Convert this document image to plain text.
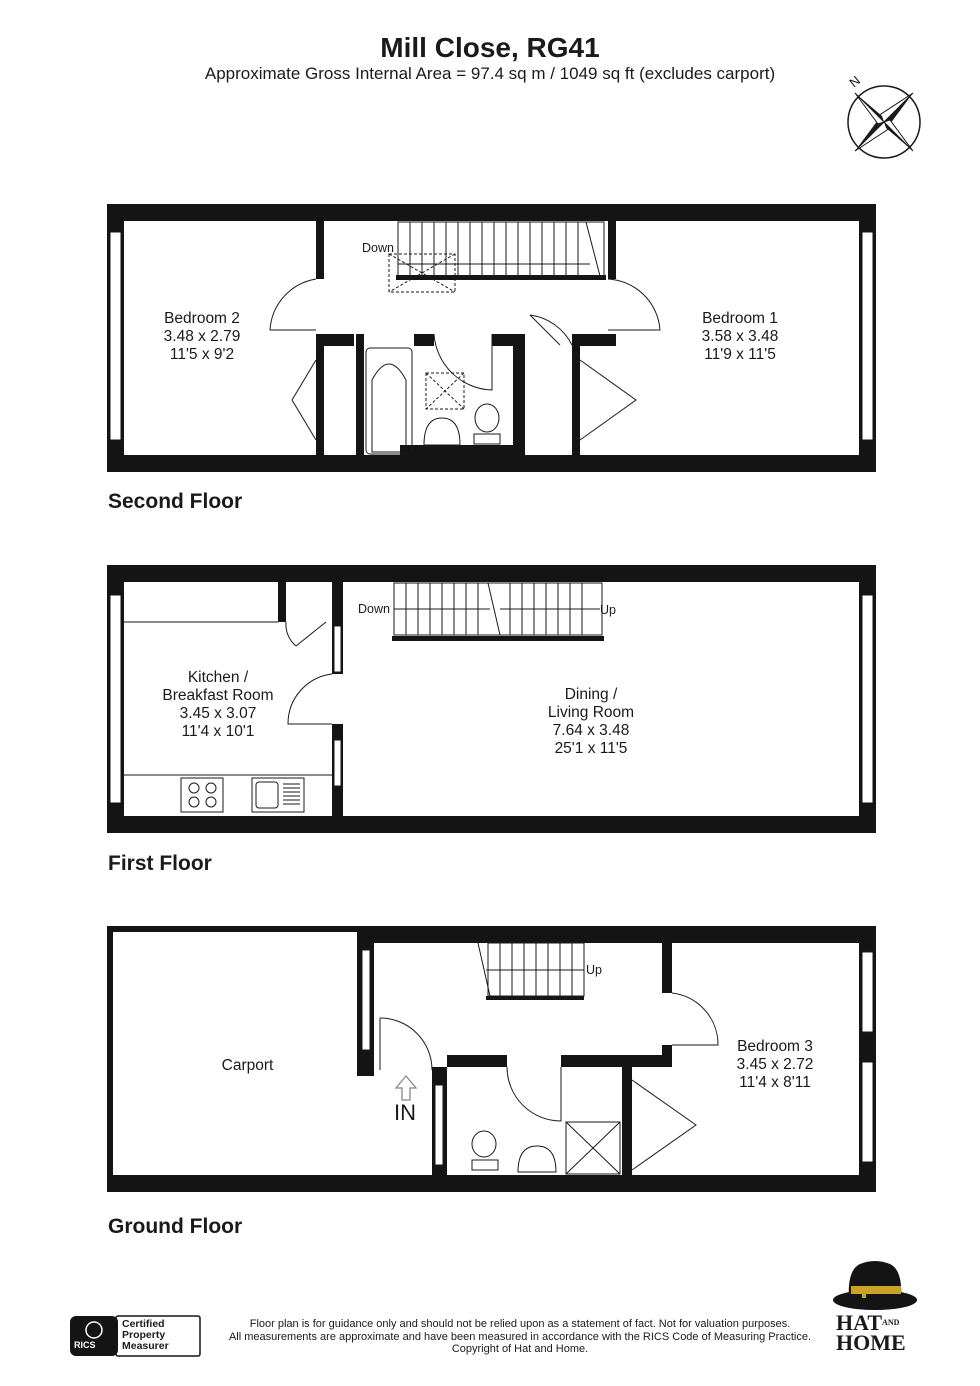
Mill Close, RG41
Approximate Gross Internal Area = 97.4 sq m / 1049 sq ft (excludes carport)
Down
Bedroom 2
3.48 x 2.79
11'5 x 9'2
Bedroom 1
3.58 x 3.48
11'9 x 11'5
Second Floor
Down	Up
Kitchen /
Breakfast Room
3.45 x 3.07
11'4 x 10'1
Dining /
Living Room
7.64 x 3.48
25'1 x 11'5
First Floor
Up
Carport
IN
Bedroom 3
3.45 x 2.72
11'4 x 8'11
Ground Floor
N
RICS
Certified
Property
Measurer
Floor plan is for guidance only and should not be relied upon as a statement of fact. Not for valuation purposes.
All measurements are approximate and have been measured in accordance with the RICS Code of Measuring Practice.
Copyright of Hat and Home.
$HAT^{AND}$
HOME
